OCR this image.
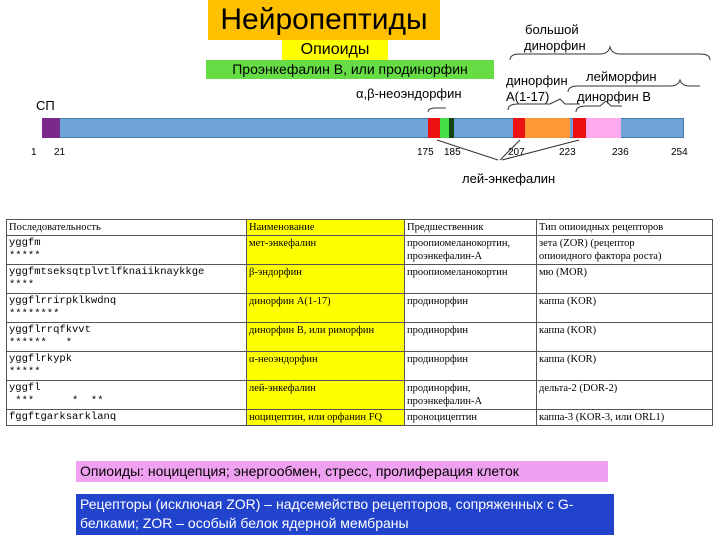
Нейропептиды
Опиоиды
Проэнкефалин В, или продинорфин
α,β-неоэндорфин
большой
динорфин
динорфин
А(1-17)
лейморфин
динорфин В
СП
лей-энкефалин
1 21	175 185	207	223	236	254
Последовательность	Наименование	Предшественник	Тип опиоидных рецепторов
yggfm
*****	мет-энкефалин	проопиомеланокортин,
проэнкефалин-А	зета (ZOR) (рецептор
опиоидного фактора роста)
yggfmtseksqtplvtlfknaiiknaykkge
****	β-эндорфин	проопиомеланокортин	мю (MOR)
yggflrrirpklkwdnq
********	динорфин А(1-17)	продинорфин	каппа (KOR)
yggflrrqfkvvt
******   *	динорфин В, или риморфин	продинорфин	каппа (KOR)
yggflrkypk
*****	α-неоэндорфин	продинорфин	каппа (KOR)
yggfl
***      *  **	лей-энкефалин	продинорфин,
проэнкефалин-А	дельта-2 (DOR-2)
fggftgarksarklanq	ноцицептин, или орфанин FQ	проноцицептин	каппа-3 (KOR-3, или ORL1)
Опиоиды: ноцицепция; энергообмен, стресс, пролиферация клеток
Рецепторы (исключая ZOR) – надсемейство рецепторов, сопряженных с G- белками; ZOR – особый белок ядерной мембраны
